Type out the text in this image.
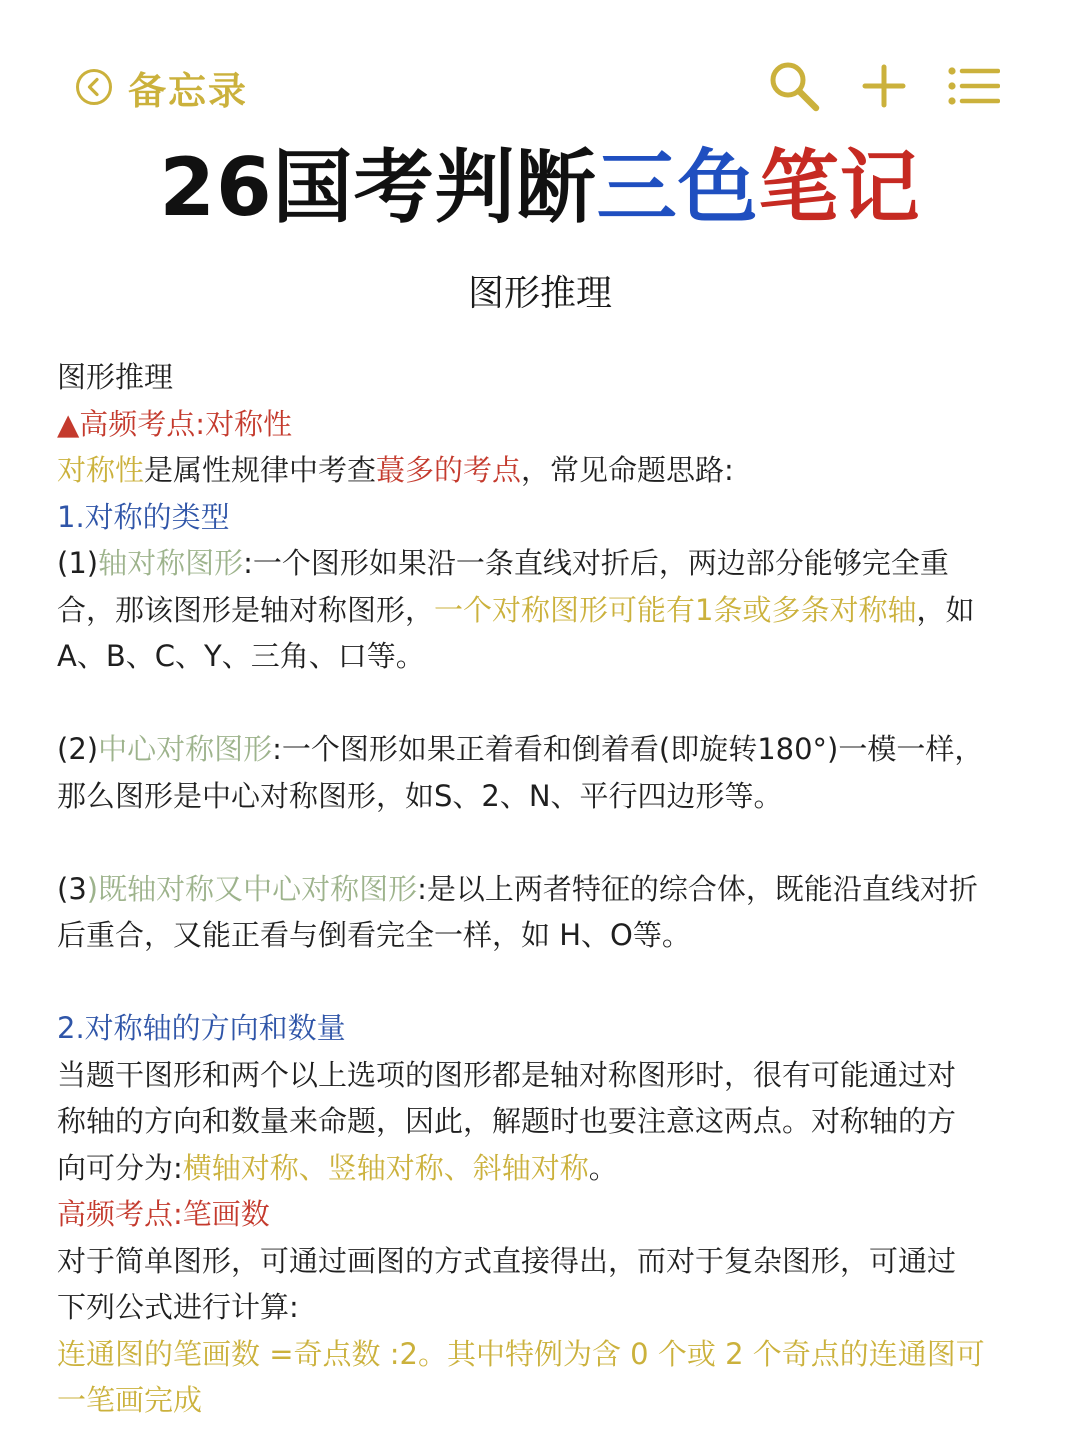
备忘录
26国考判断三色笔记
图形推理

图形推理

▲高频考点:对称性

对称性是属性规律中考查蕞多的考点，常见命题思路:

1.对称的类型

(1)轴对称图形:一个图形如果沿一条直线对折后，两边部分能够完全重

合，那该图形是轴对称图形，一个对称图形可能有1条或多条对称轴，如

A、B、C、Y、三角、口等。

(2)中心对称图形:一个图形如果正着看和倒着看(即旋转180°)一模一样，

那么图形是中心对称图形，如S、2、N、平行四边形等。

(3)既轴对称又中心对称图形:是以上两者特征的综合体，既能沿直线对折

后重合，又能正看与倒看完全一样，如 H、O等。

2.对称轴的方向和数量

当题干图形和两个以上选项的图形都是轴对称图形时，很有可能通过对

称轴的方向和数量来命题，因此，解题时也要注意这两点。对称轴的方

向可分为:横轴对称、竖轴对称、斜轴对称。

高频考点:笔画数

对于简单图形，可通过画图的方式直接得出，而对于复杂图形，可通过

下列公式进行计算:

连通图的笔画数 =奇点数 :2。其中特例为含 0 个或 2 个奇点的连通图可

一笔画完成
